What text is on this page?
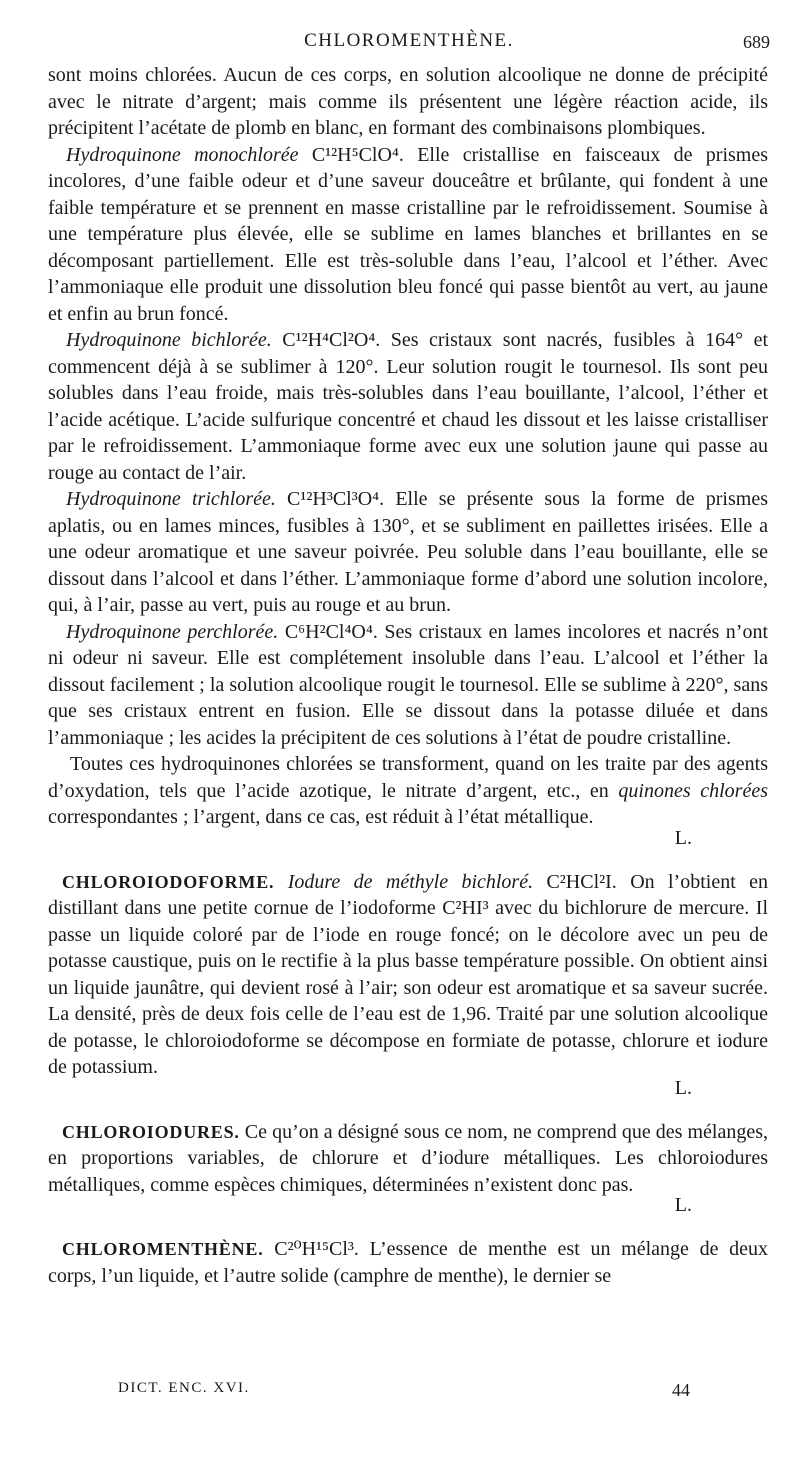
CHLOROMENTHÈNE.	689

sont moins chlorées. Aucun de ces corps, en solution alcoolique ne donne de précipité avec le nitrate d’argent; mais comme ils présentent une légère réaction acide, ils précipitent l’acétate de plomb en blanc, en formant des combinaisons plombiques.

Hydroquinone monochlorée C¹²H⁵ClO⁴. Elle cristallise en faisceaux de prismes incolores, d’une faible odeur et d’une saveur douceâtre et brûlante, qui fondent à une faible température et se prennent en masse cristalline par le refroidissement. Soumise à une température plus élevée, elle se sublime en lames blanches et brillantes en se décomposant partiellement. Elle est très-soluble dans l’eau, l’alcool et l’éther. Avec l’ammoniaque elle produit une dissolution bleu foncé qui passe bientôt au vert, au jaune et enfin au brun foncé.

Hydroquinone bichlorée. C¹²H⁴Cl²O⁴. Ses cristaux sont nacrés, fusibles à 164° et commencent déjà à se sublimer à 120°. Leur solution rougit le tournesol. Ils sont peu solubles dans l’eau froide, mais très-solubles dans l’eau bouillante, l’alcool, l’éther et l’acide acétique. L’acide sulfurique concentré et chaud les dissout et les laisse cristalliser par le refroidissement. L’ammoniaque forme avec eux une solution jaune qui passe au rouge au contact de l’air.

Hydroquinone trichlorée. C¹²H³Cl³O⁴. Elle se présente sous la forme de prismes aplatis, ou en lames minces, fusibles à 130°, et se subliment en paillettes irisées. Elle a une odeur aromatique et une saveur poivrée. Peu soluble dans l’eau bouillante, elle se dissout dans l’alcool et dans l’éther. L’ammoniaque forme d’abord une solution incolore, qui, à l’air, passe au vert, puis au rouge et au brun.

Hydroquinone perchlorée. C⁶H²Cl⁴O⁴. Ses cristaux en lames incolores et nacrés n’ont ni odeur ni saveur. Elle est complétement insoluble dans l’eau. L’alcool et l’éther la dissout facilement ; la solution alcoolique rougit le tournesol. Elle se sublime à 220°, sans que ses cristaux entrent en fusion. Elle se dissout dans la potasse diluée et dans l’ammoniaque ; les acides la précipitent de ces solutions à l’état de poudre cristalline.

Toutes ces hydroquinones chlorées se transforment, quand on les traite par des agents d’oxydation, tels que l’acide azotique, le nitrate d’argent, etc., en quinones chlorées correspondantes ; l’argent, dans ce cas, est réduit à l’état métallique.
L.

CHLOROIODOFORME. Iodure de méthyle bichloré. C²HCl²I. On l’obtient en distillant dans une petite cornue de l’iodoforme C²HI³ avec du bichlorure de mercure. Il passe un liquide coloré par de l’iode en rouge foncé; on le décolore avec un peu de potasse caustique, puis on le rectifie à la plus basse température possible. On obtient ainsi un liquide jaunâtre, qui devient rosé à l’air; son odeur est aromatique et sa saveur sucrée. La densité, près de deux fois celle de l’eau est de 1,96. Traité par une solution alcoolique de potasse, le chloroiodoforme se décompose en formiate de potasse, chlorure et iodure de potassium.
L.

CHLOROIODURES. Ce qu’on a désigné sous ce nom, ne comprend que des mélanges, en proportions variables, de chlorure et d’iodure métalliques. Les chloroiodures métalliques, comme espèces chimiques, déterminées n’existent donc pas.
L.

CHLOROMENTHÈNE. C²⁰H¹⁵Cl³. L’essence de menthe est un mélange de deux corps, l’un liquide, et l’autre solide (camphre de menthe), le dernier se

DICT. ENC. XVI.	44
